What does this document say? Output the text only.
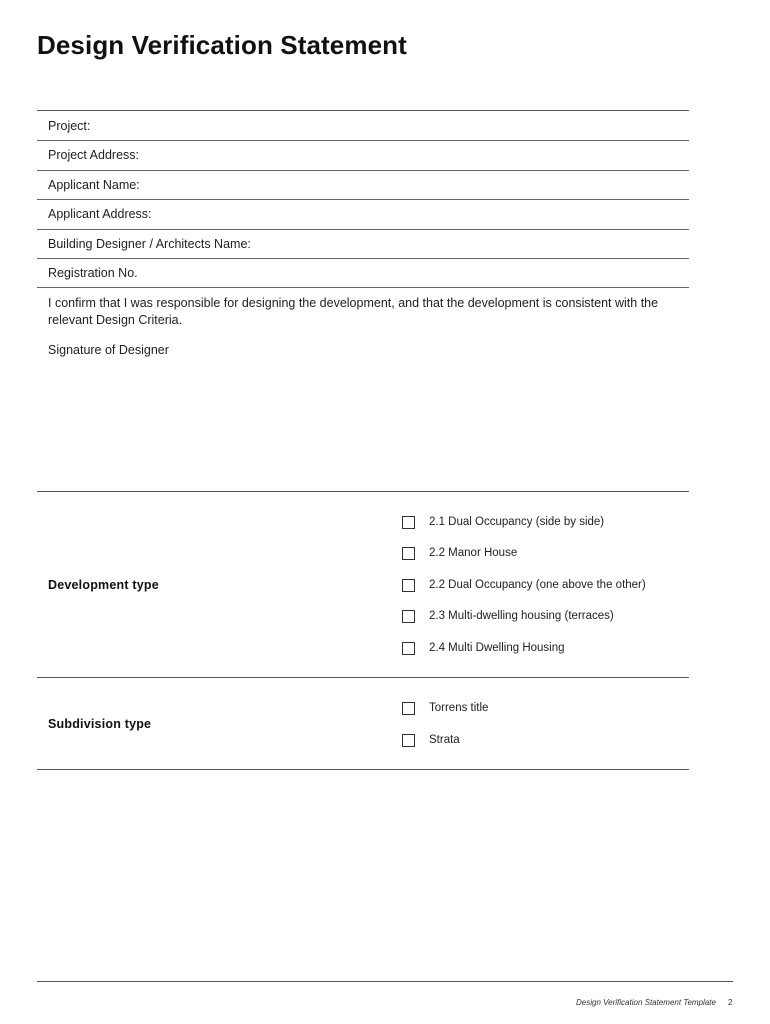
Design Verification Statement
Project:
Project Address:
Applicant Name:
Applicant Address:
Building Designer / Architects Name:
Registration No.
I confirm that I was responsible for designing the development, and that the development is consistent with the relevant Design Criteria.
Signature of Designer
Development type
2.1 Dual Occupancy (side by side)
2.2 Manor House
2.2 Dual Occupancy (one above the other)
2.3 Multi-dwelling housing (terraces)
2.4 Multi Dwelling Housing
Subdivision type
Torrens title
Strata
Design Verification Statement Template 2
